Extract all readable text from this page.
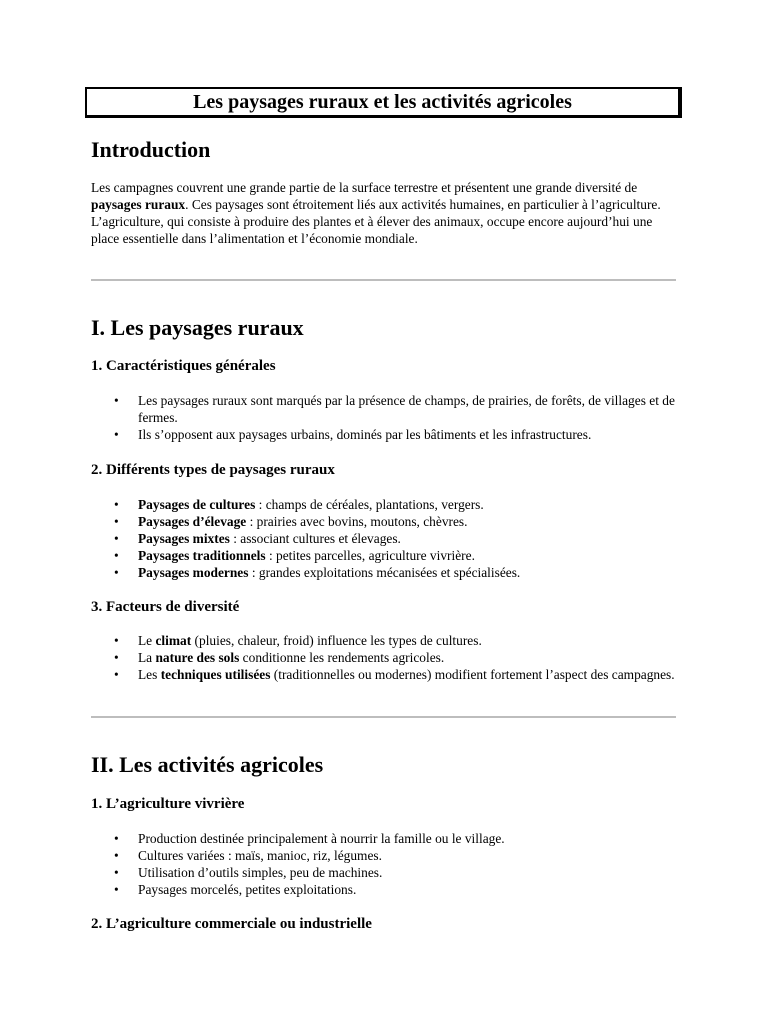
Les paysages ruraux et les activités agricoles
Introduction
Les campagnes couvrent une grande partie de la surface terrestre et présentent une grande diversité de paysages ruraux. Ces paysages sont étroitement liés aux activités humaines, en particulier à l’agriculture. L’agriculture, qui consiste à produire des plantes et à élever des animaux, occupe encore aujourd’hui une place essentielle dans l’alimentation et l’économie mondiale.
I. Les paysages ruraux
1. Caractéristiques générales
• Les paysages ruraux sont marqués par la présence de champs, de prairies, de forêts, de villages et de fermes.
• Ils s’opposent aux paysages urbains, dominés par les bâtiments et les infrastructures.
2. Différents types de paysages ruraux
• Paysages de cultures : champs de céréales, plantations, vergers.
• Paysages d’élevage : prairies avec bovins, moutons, chèvres.
• Paysages mixtes : associant cultures et élevages.
• Paysages traditionnels : petites parcelles, agriculture vivrière.
• Paysages modernes : grandes exploitations mécanisées et spécialisées.
3. Facteurs de diversité
• Le climat (pluies, chaleur, froid) influence les types de cultures.
• La nature des sols conditionne les rendements agricoles.
• Les techniques utilisées (traditionnelles ou modernes) modifient fortement l’aspect des campagnes.
II. Les activités agricoles
1. L’agriculture vivrière
• Production destinée principalement à nourrir la famille ou le village.
• Cultures variées : maïs, manioc, riz, légumes.
• Utilisation d’outils simples, peu de machines.
• Paysages morcelés, petites exploitations.
2. L’agriculture commerciale ou industrielle
